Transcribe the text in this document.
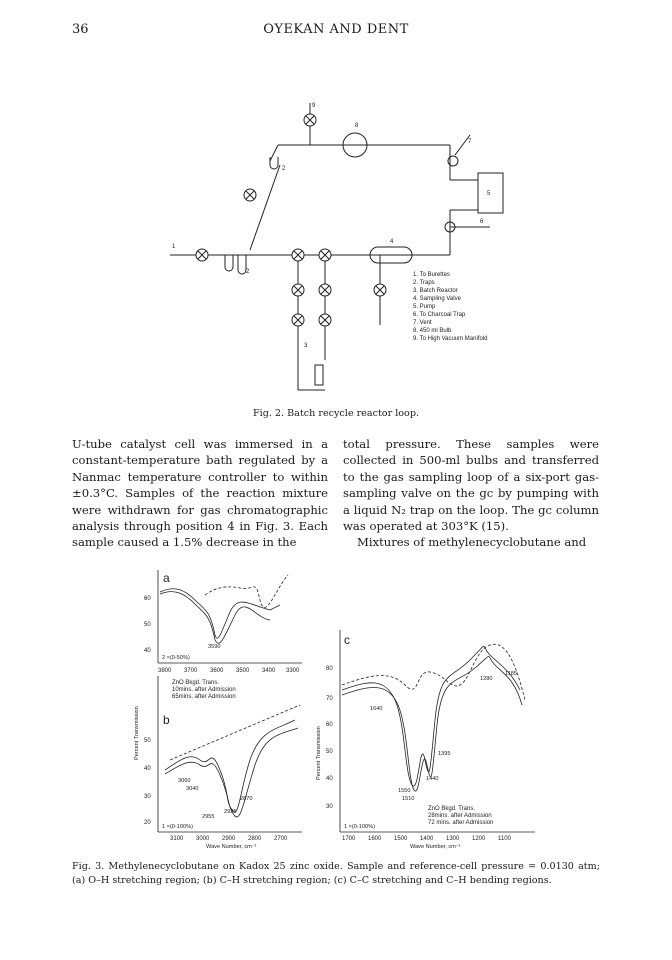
36	OYEKAN AND DENT
1
2
2
3
4
5
6
7
8
9
1. To Burettes
2. Traps
3. Batch Reactor
4. Sampling Valve
5. Pump
6. To Charcoal Trap
7. Vent
8. 450 ml Bulb
9. To High Vacuum Manifold
Fig. 2. Batch recycle reactor loop.

U-tube catalyst cell was immersed in a constant-temperature bath regulated by a Nanmac temperature controller to within ±0.3°C. Samples of the reaction mixture were withdrawn for gas chromatographic analysis through position 4 in Fig. 3. Each sample caused a 1.5% decrease in the

total pressure. These samples were collected in 500-ml bulbs and transferred to the gas sampling loop of a six-port gas-sampling valve on the gc by pumping with a liquid N₂ trap on the loop. The gc column was operated at 303°K (15).

Mixtures of methylenecyclobutane and

a
60
50
40
3590
2 ×(0-50%)
3800 3700 3600 3500 3400 3300
ZnO Bkgd. Trans.
10mins. after Admission
65mins. after Admission
b
50
40
30
20
3060
3040
2870
2955
2925
1 ×(0-100%)
3100 3000 2900 2800 2700
Wave Number, cm⁻¹
Percent Transmission
c
80
70
60
50
40
30
1640
1280
1185
1395
1440
1550
1510
ZnO Bkgd. Trans.
28mins. after Admission
72 mins. after Admission
1 ×(0-100%)
1700 1600 1500 1400 1300 1200 1100
Wave Number, cm⁻¹
Percent Transmission
Fig. 3. Methylenecyclobutane on Kadox 25 zinc oxide. Sample and reference-cell pressure = 0.0130 atm; (a) O–H stretching region; (b) C–H stretching region; (c) C–C stretching and C–H bending regions.
